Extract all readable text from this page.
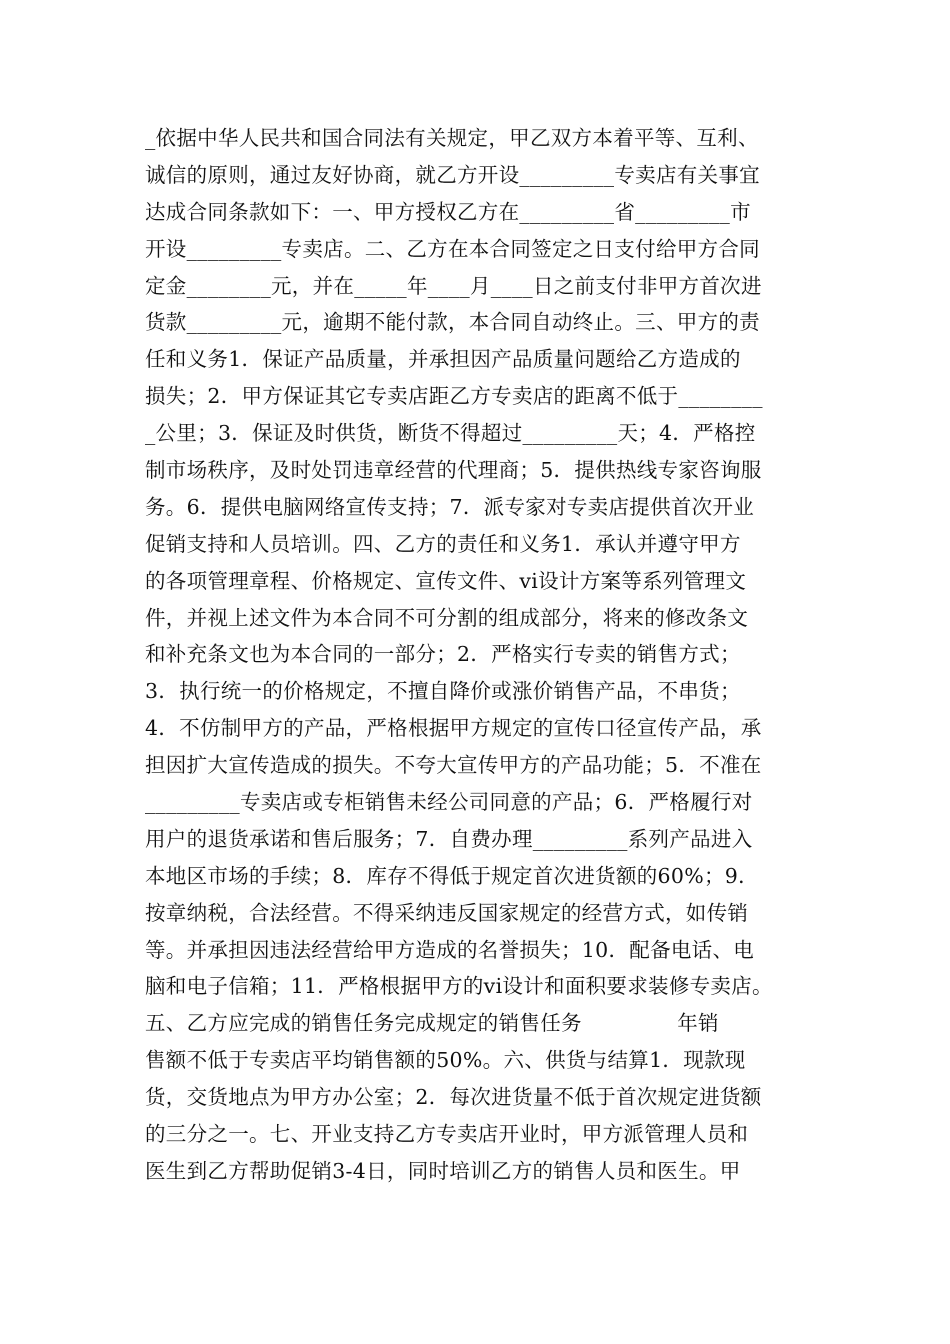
_依据中华人民共和国合同法有关规定，甲乙双方本着平等、互利、
诚信的原则，通过友好协商，就乙方开设_________专卖店有关事宜
达成合同条款如下：一、甲方授权乙方在_________省_________市
开设_________专卖店。二、乙方在本合同签定之日支付给甲方合同
定金________元，并在_____年____月____日之前支付非甲方首次进
货款_________元，逾期不能付款，本合同自动终止。三、甲方的责
任和义务1．保证产品质量，并承担因产品质量问题给乙方造成的
损失；2．甲方保证其它专卖店距乙方专卖店的距离不低于________
_公里；3．保证及时供货，断货不得超过_________天；4．严格控
制市场秩序，及时处罚违章经营的代理商；5．提供热线专家咨询服
务。6．提供电脑网络宣传支持；7．派专家对专卖店提供首次开业
促销支持和人员培训。四、乙方的责任和义务1．承认并遵守甲方
的各项管理章程、价格规定、宣传文件、vi设计方案等系列管理文
件，并视上述文件为本合同不可分割的组成部分，将来的修改条文
和补充条文也为本合同的一部分；2．严格实行专卖的销售方式；
3．执行统一的价格规定，不擅自降价或涨价销售产品，不串货；
4．不仿制甲方的产品，严格根据甲方规定的宣传口径宣传产品，承
担因扩大宣传造成的损失。不夸大宣传甲方的产品功能；5．不准在
_________专卖店或专柜销售未经公司同意的产品；6．严格履行对
用户的退货承诺和售后服务；7．自费办理_________系列产品进入
本地区市场的手续；8．库存不得低于规定首次进货额的60%；9．
按章纳税，合法经营。不得采纳违反国家规定的经营方式，如传销
等。并承担因违法经营给甲方造成的名誉损失；10．配备电话、电
脑和电子信箱；11．严格根据甲方的vi设计和面积要求装修专卖店。
五、乙方应完成的销售任务完成规定的销售任务              年销
售额不低于专卖店平均销售额的50%。六、供货与结算1．现款现
货，交货地点为甲方办公室；2．每次进货量不低于首次规定进货额
的三分之一。七、开业支持乙方专卖店开业时，甲方派管理人员和
医生到乙方帮助促销3-4日，同时培训乙方的销售人员和医生。甲
